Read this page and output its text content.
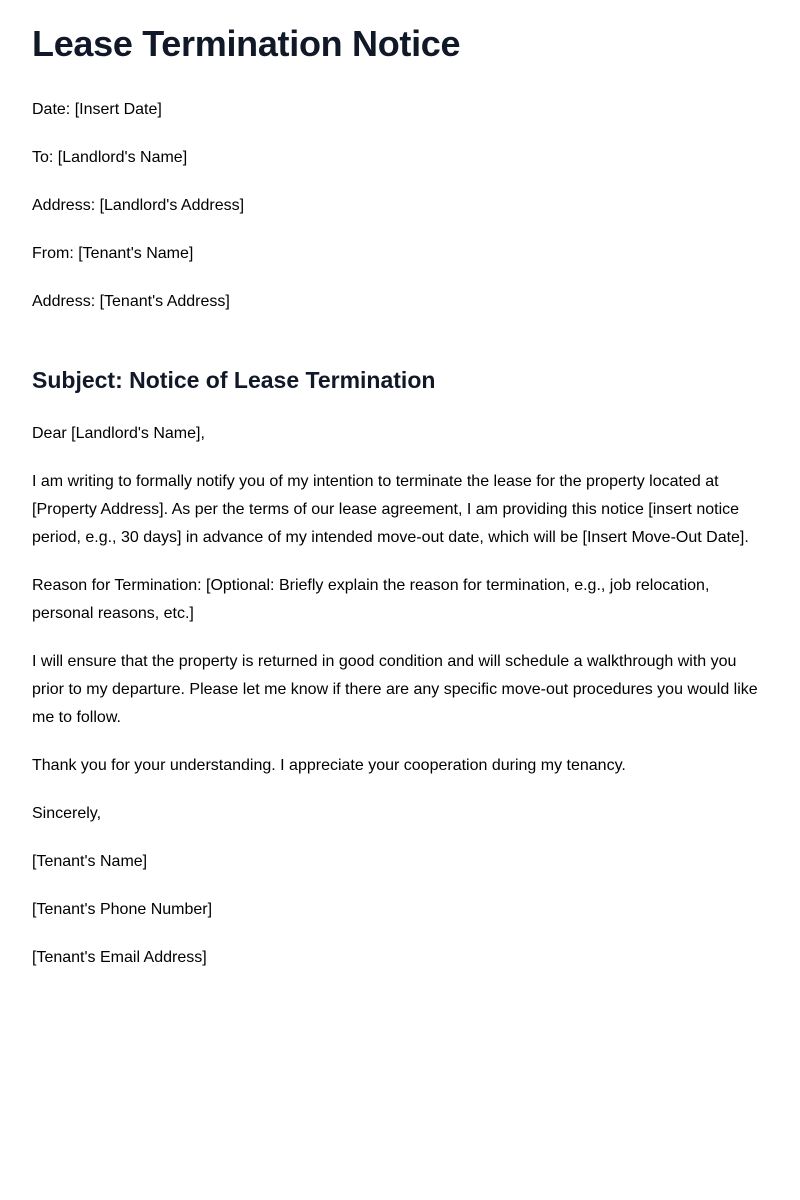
Lease Termination Notice

Date: [Insert Date]

To: [Landlord's Name]

Address: [Landlord's Address]

From: [Tenant's Name]

Address: [Tenant's Address]

Subject: Notice of Lease Termination

Dear [Landlord's Name],

I am writing to formally notify you of my intention to terminate the lease for the property located at [Property Address]. As per the terms of our lease agreement, I am providing this notice [insert notice period, e.g., 30 days] in advance of my intended move-out date, which will be [Insert Move-Out Date].

Reason for Termination: [Optional: Briefly explain the reason for termination, e.g., job relocation, personal reasons, etc.]

I will ensure that the property is returned in good condition and will schedule a walkthrough with you prior to my departure. Please let me know if there are any specific move-out procedures you would like me to follow.

Thank you for your understanding. I appreciate your cooperation during my tenancy.

Sincerely,

[Tenant's Name]

[Tenant's Phone Number]

[Tenant's Email Address]
